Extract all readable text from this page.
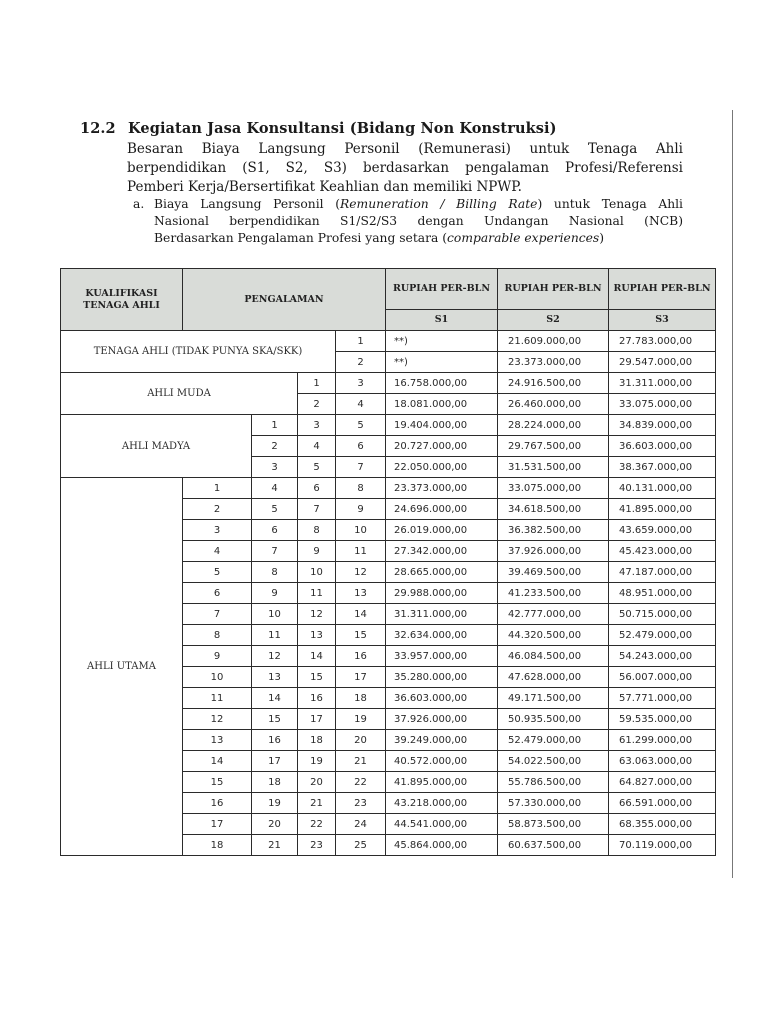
12.2 Kegiatan Jasa Konsultansi (Bidang Non Konstruksi)
Besaran Biaya Langsung Personil (Remunerasi) untuk Tenaga Ahli
berpendidikan (S1, S2, S3) berdasarkan pengalaman Profesi/Referensi
Pemberi Kerja/Bersertifikat Keahlian dan memiliki NPWP.
a. Biaya Langsung Personil (Remuneration / Billing Rate) untuk Tenaga Ahli
Nasional berpendidikan S1/S2/S3 dengan Undangan Nasional (NCB)
Berdasarkan Pengalaman Profesi yang setara (comparable experiences)
KUALIFIKASI TENAGA AHLI	PENGALAMAN				RUPIAH PER-BLN	RUPIAH PER-BLN	RUPIAH PER-BLN
					S1	S2	S3
TENAGA AHLI (TIDAK PUNYA SKA/SKK)				1	**)	21.609.000,00	27.783.000,00
				2	**)	23.373.000,00	29.547.000,00
AHLI MUDA			1	3	16.758.000,00	24.916.500,00	31.311.000,00
			2	4	18.081.000,00	26.460.000,00	33.075.000,00
AHLI MADYA		1	3	5	19.404.000,00	28.224.000,00	34.839.000,00
		2	4	6	20.727.000,00	29.767.500,00	36.603.000,00
		3	5	7	22.050.000,00	31.531.500,00	38.367.000,00
AHLI UTAMA	1	4	6	8	23.373.000,00	33.075.000,00	40.131.000,00
	2	5	7	9	24.696.000,00	34.618.500,00	41.895.000,00
	3	6	8	10	26.019.000,00	36.382.500,00	43.659.000,00
	4	7	9	11	27.342.000,00	37.926.000,00	45.423.000,00
	5	8	10	12	28.665.000,00	39.469.500,00	47.187.000,00
	6	9	11	13	29.988.000,00	41.233.500,00	48.951.000,00
	7	10	12	14	31.311.000,00	42.777.000,00	50.715.000,00
	8	11	13	15	32.634.000,00	44.320.500,00	52.479.000,00
	9	12	14	16	33.957.000,00	46.084.500,00	54.243.000,00
	10	13	15	17	35.280.000,00	47.628.000,00	56.007.000,00
	11	14	16	18	36.603.000,00	49.171.500,00	57.771.000,00
	12	15	17	19	37.926.000,00	50.935.500,00	59.535.000,00
	13	16	18	20	39.249.000,00	52.479.000,00	61.299.000,00
	14	17	19	21	40.572.000,00	54.022.500,00	63.063.000,00
	15	18	20	22	41.895.000,00	55.786.500,00	64.827.000,00
	16	19	21	23	43.218.000,00	57.330.000,00	66.591.000,00
	17	20	22	24	44.541.000,00	58.873.500,00	68.355.000,00
	18	21	23	25	45.864.000,00	60.637.500,00	70.119.000,00
